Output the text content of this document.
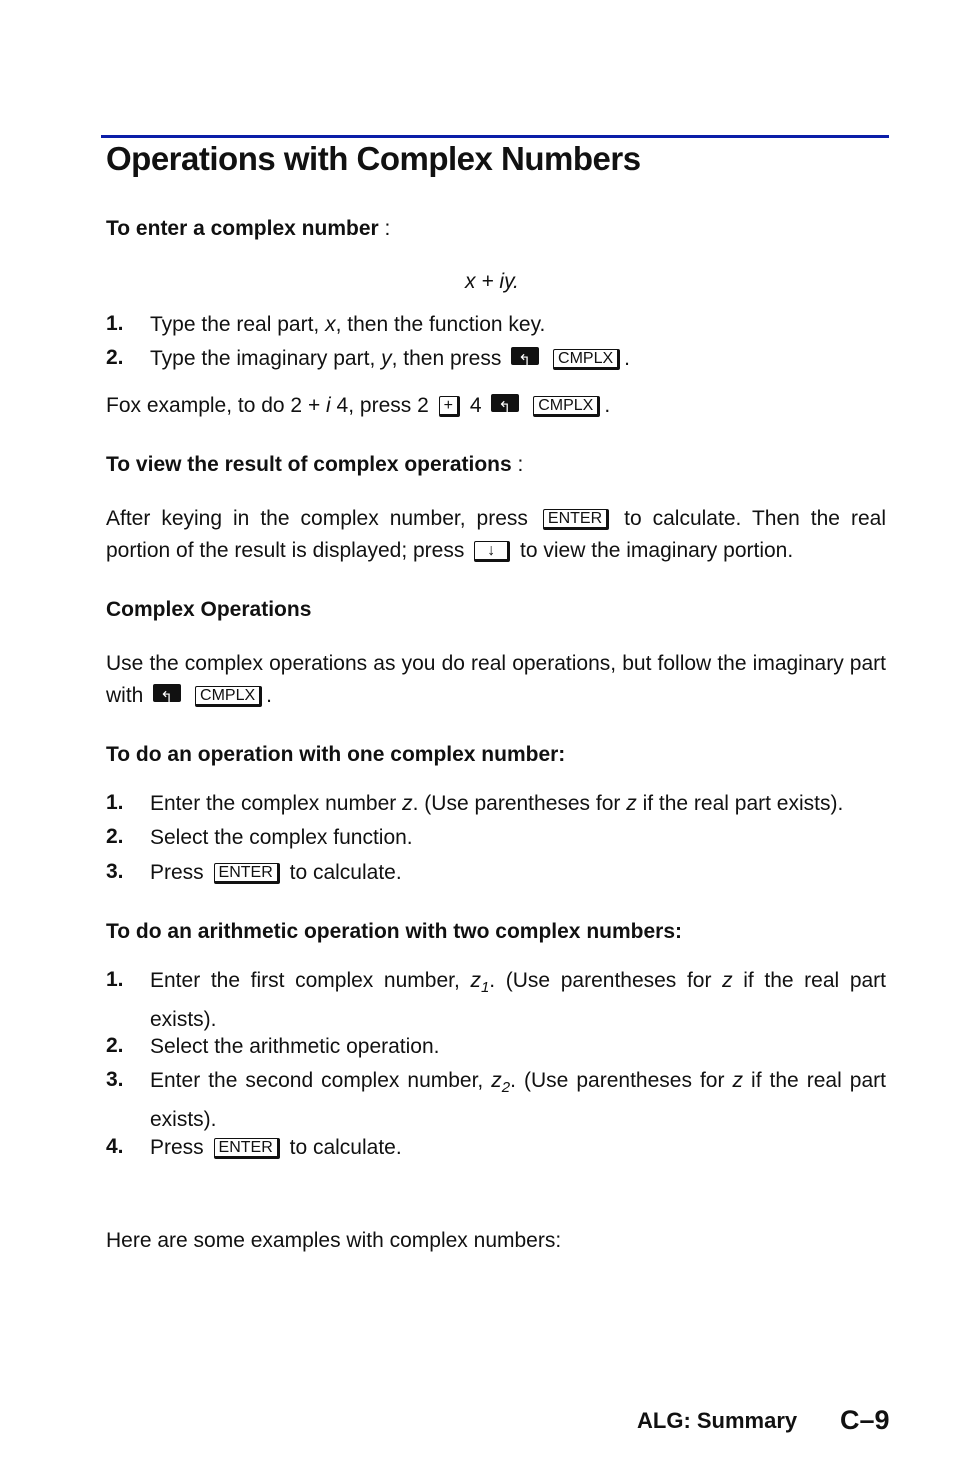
Operations with Complex Numbers
To enter a complex number :
x + iy.
1. Type the real part, x, then the function key.
2. Type the imaginary part, y, then press ↰	CMPLX .
Fox example, to do 2 + i 4, press 2 + 4 ↰	CMPLX .
To view the result of complex operations :
After keying in the complex number, press ENTER to calculate. Then the real portion of the result is displayed; press ↓ to view the imaginary portion.
Complex Operations
Use the complex operations as you do real operations, but follow the imaginary part with ↰	CMPLX .
To do an operation with one complex number:
1. Enter the complex number z. (Use parentheses for z if the real part exists).
2. Select the complex function.
3. Press ENTER to calculate.
To do an arithmetic operation with two complex numbers:
1. Enter the first complex number, $z_1$. (Use parentheses for z if the real part exists).
2. Select the arithmetic operation.
3. Enter the second complex number, $z_2$. (Use parentheses for z if the real part exists).
4. Press ENTER to calculate.
Here are some examples with complex numbers:
ALG: Summary C–9
